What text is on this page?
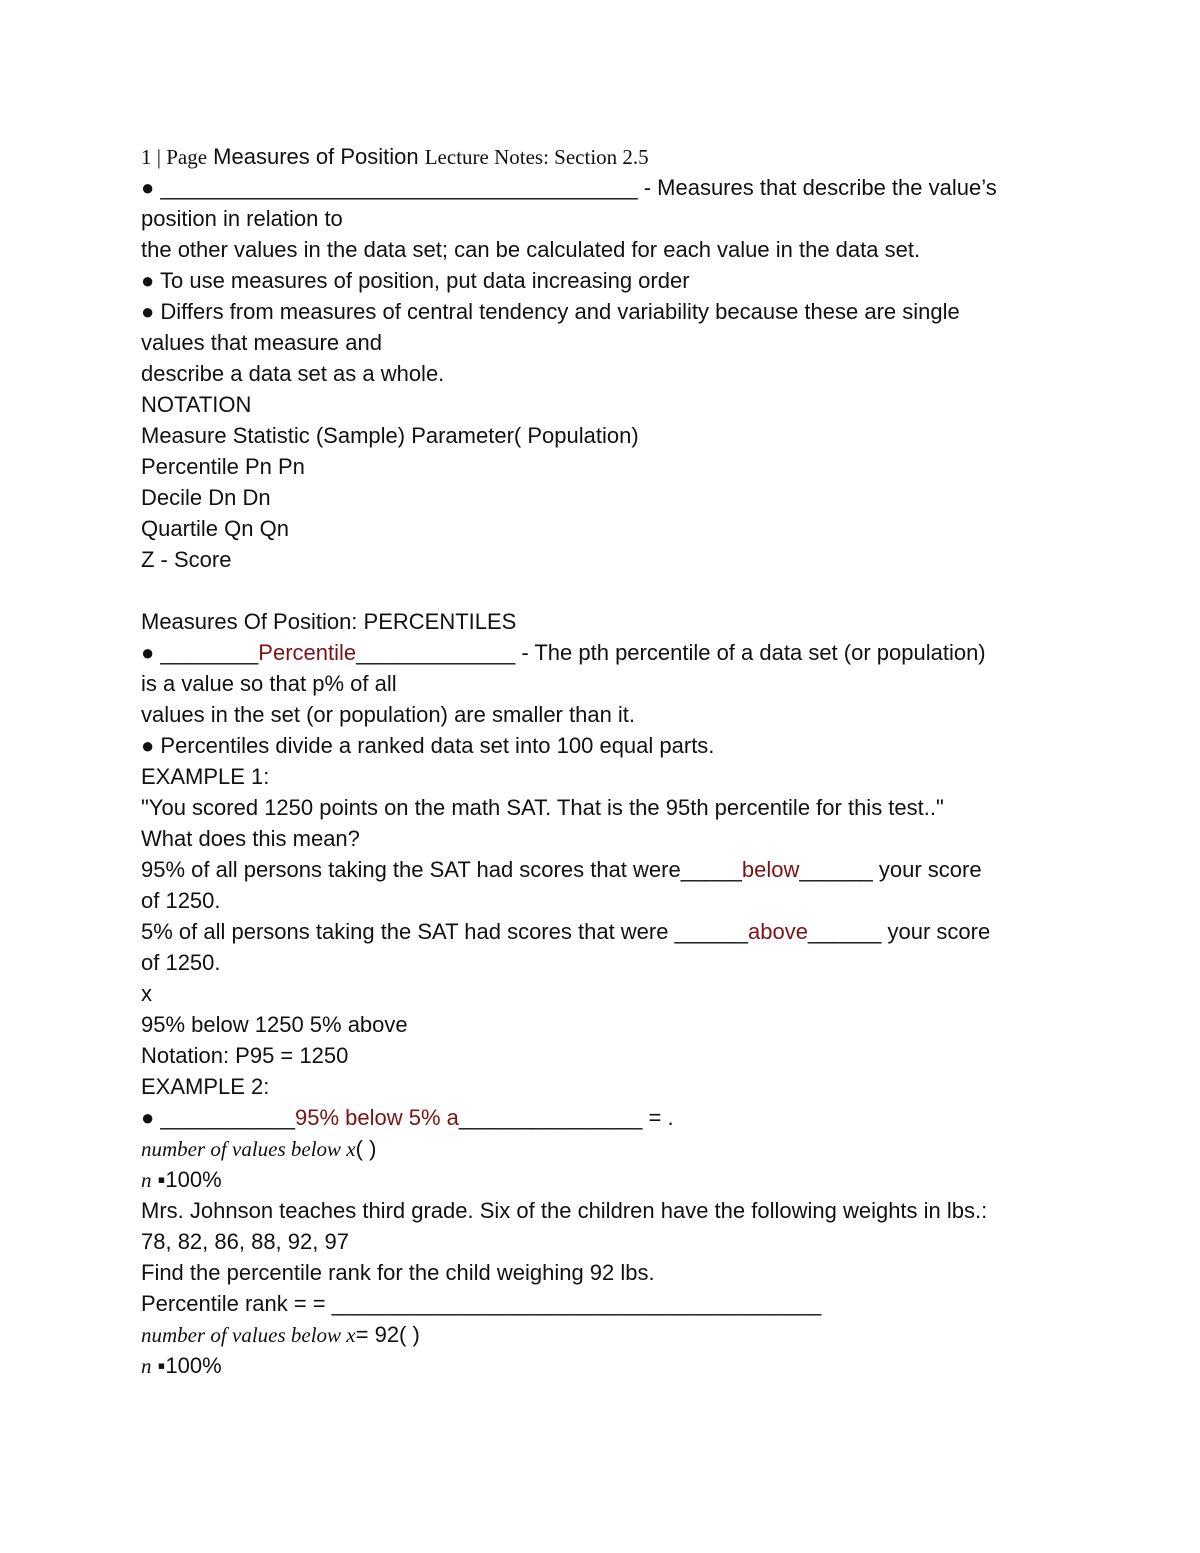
1 | Page Measures of Position Lecture Notes: Section 2.5
● _______________________________________ - Measures that describe the value’s
position in relation to
the other values in the data set; can be calculated for each value in the data set.
● To use measures of position, put data increasing order
● Differs from measures of central tendency and variability because these are single
values that measure and
describe a data set as a whole.
NOTATION
Measure Statistic (Sample) Parameter( Population)
Percentile Pn Pn
Decile Dn Dn
Quartile Qn Qn
Z - Score
Measures Of Position: PERCENTILES
● ________Percentile_____________ - The pth percentile of a data set (or population)
is a value so that p% of all
values in the set (or population) are smaller than it.
● Percentiles divide a ranked data set into 100 equal parts.
EXAMPLE 1:
"You scored 1250 points on the math SAT. That is the 95th percentile for this test.."
What does this mean?
95% of all persons taking the SAT had scores that were_____below______ your score
of 1250.
5% of all persons taking the SAT had scores that were ______above______ your score
of 1250.
x
95% below 1250 5% above
Notation: P95 = 1250
EXAMPLE 2:
● ___________95% below 5% a_______________ = .
number of values below x( )
n ▪100%
Mrs. Johnson teaches third grade. Six of the children have the following weights in lbs.:
78, 82, 86, 88, 92, 97
Find the percentile rank for the child weighing 92 lbs.
Percentile rank = = ________________________________________
number of values below x= 92( )
n ▪100%
